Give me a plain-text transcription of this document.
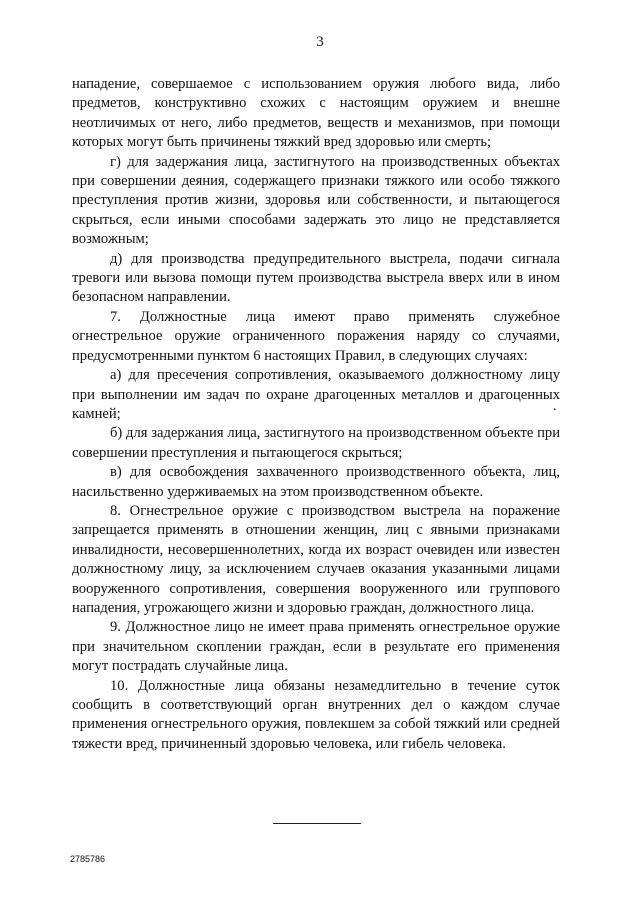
3

нападение, совершаемое с использованием оружия любого вида, либо предметов, конструктивно схожих с настоящим оружием и внешне неотличимых от него, либо предметов, веществ и механизмов, при помощи которых могут быть причинены тяжкий вред здоровью или смерть;

г) для задержания лица, застигнутого на производственных объектах при совершении деяния, содержащего признаки тяжкого или особо тяжкого преступления против жизни, здоровья или собственности, и пытающегося скрыться, если иными способами задержать это лицо не представляется возможным;

д) для производства предупредительного выстрела, подачи сигнала тревоги или вызова помощи путем производства выстрела вверх или в ином безопасном направлении.

7. Должностные лица имеют право применять служебное огнестрельное оружие ограниченного поражения наряду со случаями, предусмотренными пунктом 6 настоящих Правил, в следующих случаях:

а) для пресечения сопротивления, оказываемого должностному лицу при выполнении им задач по охране драгоценных металлов и драгоценных камней;

б) для задержания лица, застигнутого на производственном объекте при совершении преступления и пытающегося скрыться;

в) для освобождения захваченного производственного объекта, лиц, насильственно удерживаемых на этом производственном объекте.

8. Огнестрельное оружие с производством выстрела на поражение запрещается применять в отношении женщин, лиц с явными признаками инвалидности, несовершеннолетних, когда их возраст очевиден или известен должностному лицу, за исключением случаев оказания указанными лицами вооруженного сопротивления, совершения вооруженного или группового нападения, угрожающего жизни и здоровью граждан, должностного лица.

9. Должностное лицо не имеет права применять огнестрельное оружие при значительном скоплении граждан, если в результате его применения могут пострадать случайные лица.

10. Должностные лица обязаны незамедлительно в течение суток сообщить в соответствующий орган внутренних дел о каждом случае применения огнестрельного оружия, повлекшем за собой тяжкий или средней тяжести вред, причиненный здоровью человека, или гибель человека.

.
2785786
